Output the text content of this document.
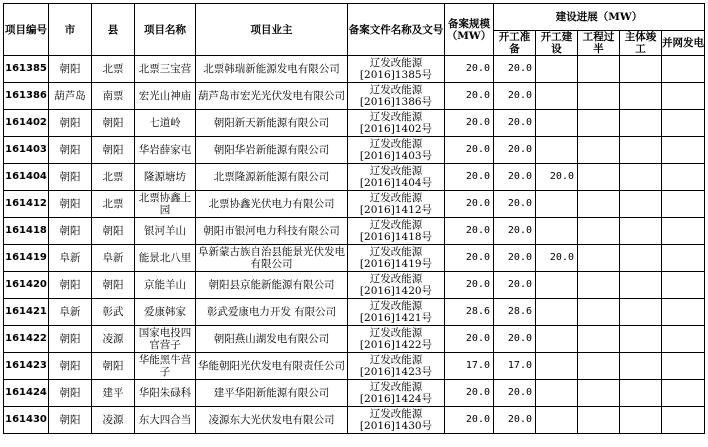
项目编号	市	县	项目名称	项目业主	备案文件名称及文号	备案规模（MW）	建设进展（MW）				
							开工准备	开工建设	工程过半	主体竣工	并网发电
161385	朝阳	北票	北票三宝营	北票韩瑞新能源发电有限公司	辽发改能源
[2016]1385号	20.0	20.0				
161386	葫芦岛	南票	宏光山神庙	葫芦岛市宏光光伏发电有限公司	辽发改能源
[2016]1386号	20.0	20.0				
161402	朝阳	朝阳	七道岭	朝阳新天新能源有限公司	辽发改能源
[2016]1402号	20.0	20.0				
161403	朝阳	朝阳	华岩薛家屯	朝阳华岩新能源有限公司	辽发改能源
[2016]1403号	20.0	20.0				
161404	朝阳	北票	隆源塘坊	北票隆源新能源有限公司	辽发改能源
[2016]1404号	20.0	20.0	20.0			
161412	朝阳	北票	北票协鑫上园	北票协鑫光伏电力有限公司	辽发改能源
[2016]1412号	20.0	20.0				
161418	朝阳	朝阳	银河羊山	朝阳市银河电力科技有限公司	辽发改能源
[2016]1418号	20.0	20.0				
161419	阜新	阜新	能景北八里	阜新蒙古族自治县能景光伏发电有限公司	辽发改能源
[2016]1419号	20.0	20.0	20.0			
161420	朝阳	朝阳	京能羊山	朝阳县京能新能源有限公司	辽发改能源
[2016]1420号	20.0	20.0				
161421	阜新	彰武	爱康韩家	彰武爱康电力开发 有限公司	辽发改能源
[2016]1421号	28.6	28.6				
161422	朝阳	凌源	国家电投四官营子	朝阳燕山湖发电有限公司	辽发改能源
[2016]1422号	20.0	20.0				
161423	朝阳	朝阳	华能黑牛营子	华能朝阳光伏发电有限责任公司	辽发改能源
[2016]1423号	17.0	17.0				
161424	朝阳	建平	华阳朱碌科	建平华阳新能源有限公司	辽发改能源
[2016]1424号	20.0	20.0				
161430	朝阳	凌源	东大四合当	凌源东大光伏发电有限公司	辽发改能源
[2016]1430号	20.0	20.0				
